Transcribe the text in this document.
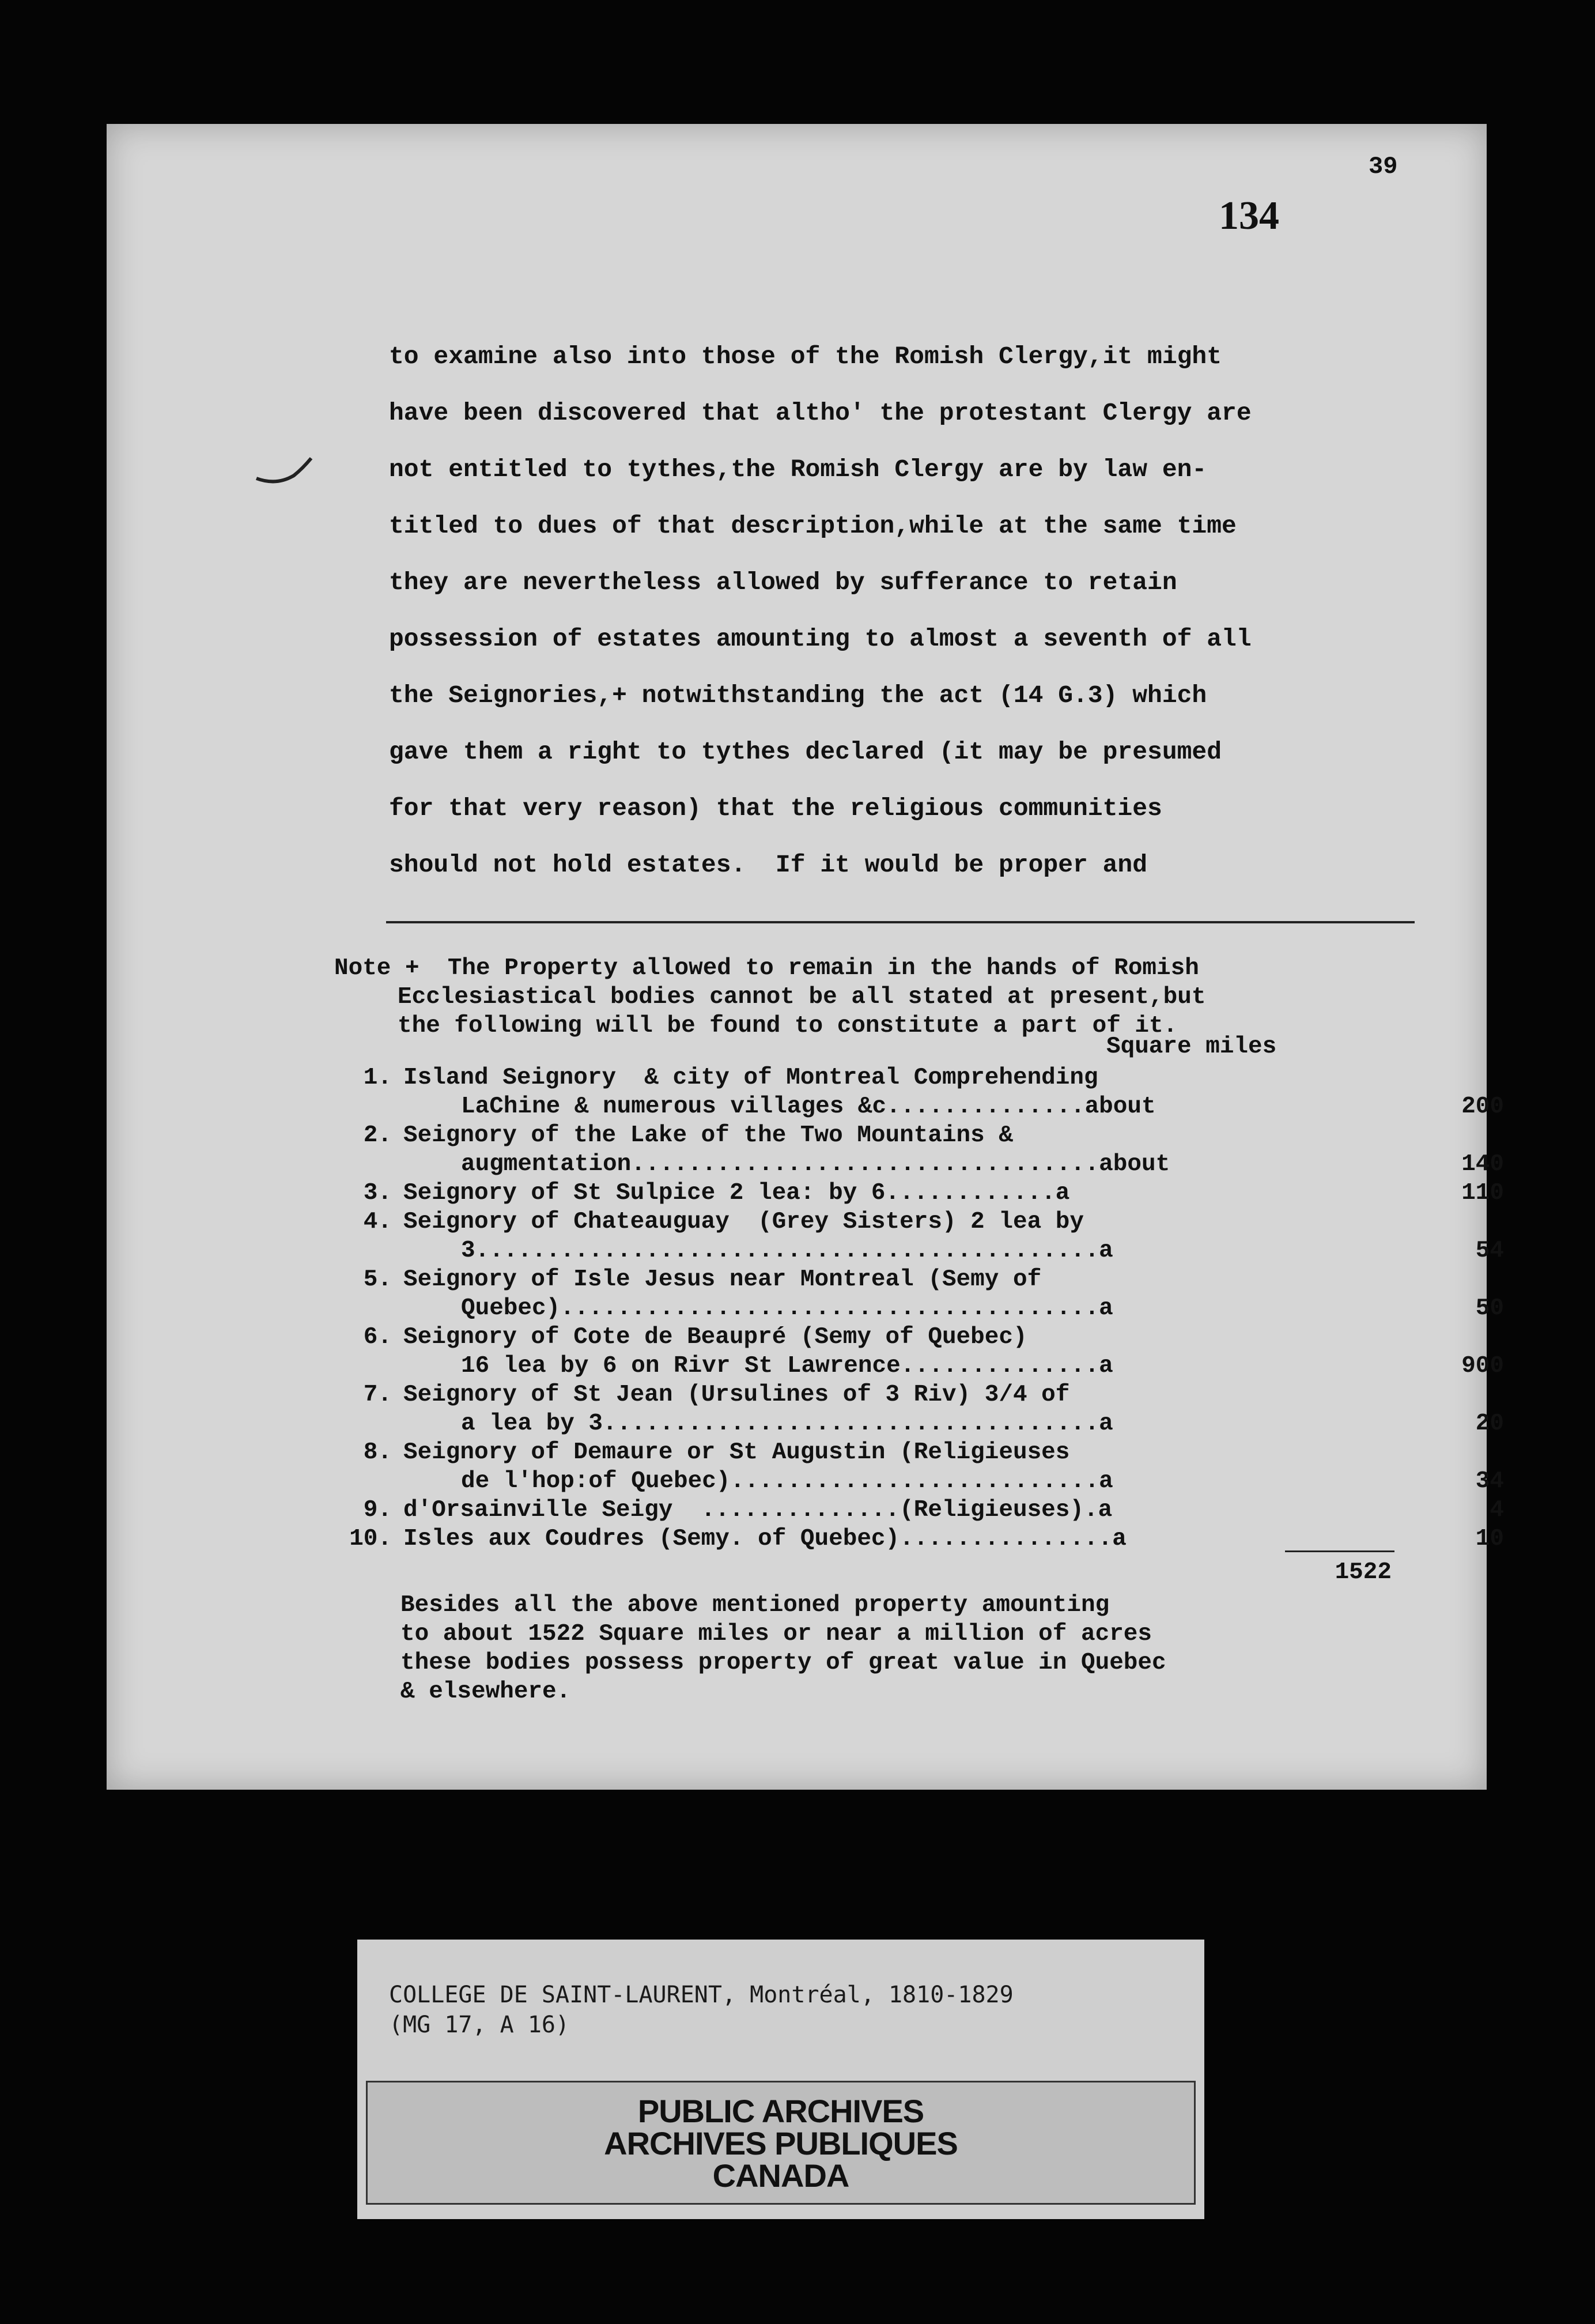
39
134
to examine also into those of the Romish Clergy,it might
have been discovered that altho' the protestant Clergy are
not entitled to tythes,the Romish Clergy are by law en-
titled to dues of that description,while at the same time
they are nevertheless allowed by sufferance to retain
possession of estates amounting to almost a seventh of all
the Seignories,+ notwithstanding the act (14 G.3) which
gave them a right to tythes declared (it may be presumed
for that very reason) that the religious communities
should not hold estates.  If it would be proper and
Note +  The Property allowed to remain in the hands of Romish
Ecclesiastical bodies cannot be all stated at present,but
the following will be found to constitute a part of it.
Square miles
1. Island Seignory  & city of Montreal Comprehending
LaChine & numerous villages &c..............about	200
2. Seignory of the Lake of the Two Mountains &
augmentation.................................about	140
3. Seignory of St Sulpice 2 lea: by 6............a	110
4. Seignory of Chateauguay  (Grey Sisters) 2 lea by
3............................................a	54
5. Seignory of Isle Jesus near Montreal (Semy of
Quebec)......................................a	50
6. Seignory of Cote de Beaupré (Semy of Quebec)
16 lea by 6 on Rivr St Lawrence..............a	900
7. Seignory of St Jean (Ursulines of 3 Riv) 3/4 of
a lea by 3...................................a	20
8. Seignory of Demaure or St Augustin (Religieuses
de l'hop:of Quebec)..........................a	34
9. d'Orsainville Seigy  ..............(Religieuses).a	4
10. Isles aux Coudres (Semy. of Quebec)...............a	10
1522
Besides all the above mentioned property amounting
to about 1522 Square miles or near a million of acres
these bodies possess property of great value in Quebec
& elsewhere.
COLLEGE DE SAINT-LAURENT, Montréal, 1810-1829
(MG 17, A 16)
PUBLIC ARCHIVES
ARCHIVES PUBLIQUES
CANADA
